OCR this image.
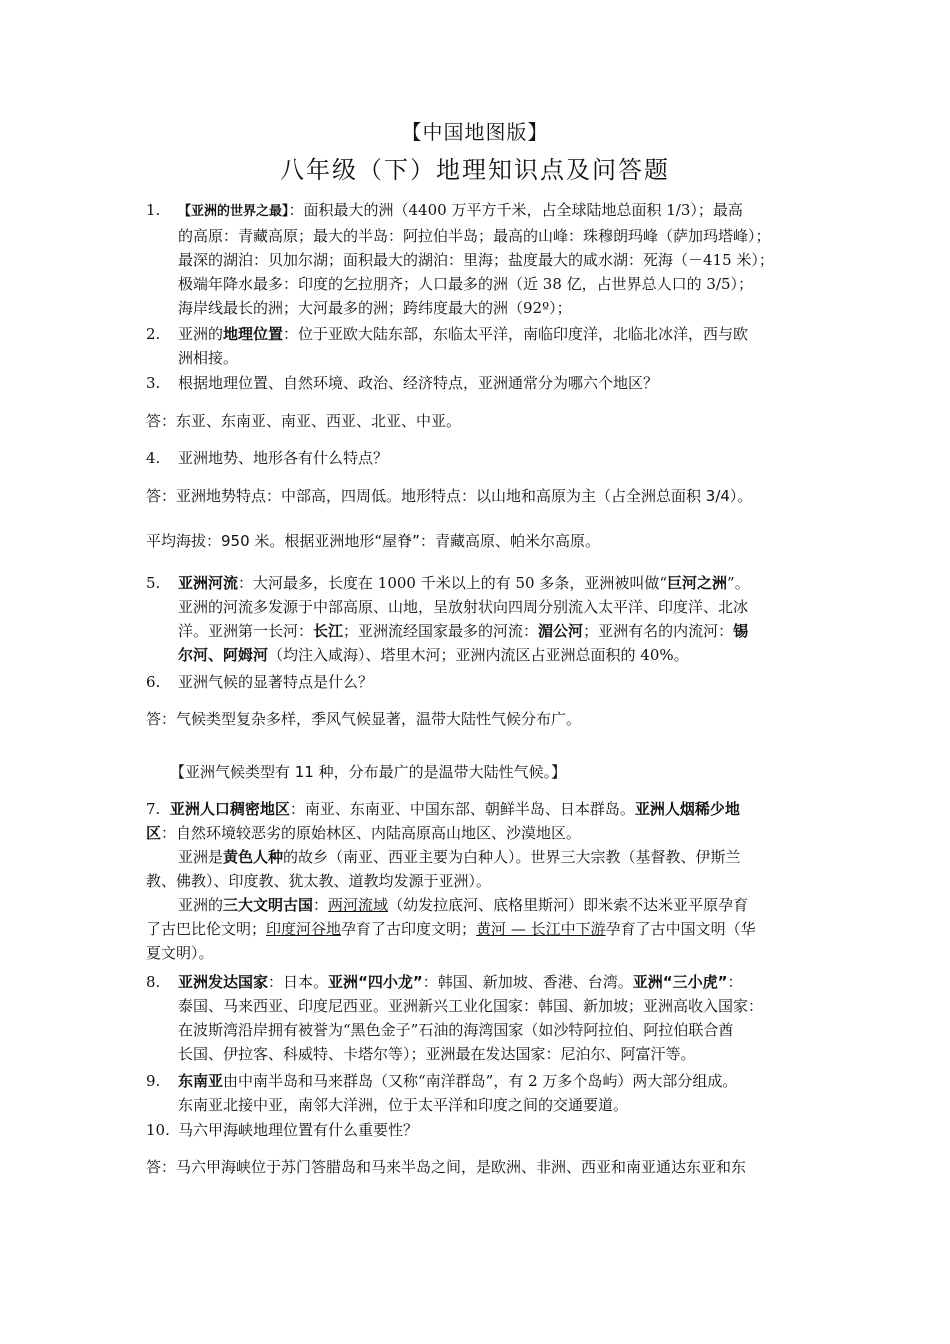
【中国地图版】
八年级（下）地理知识点及问答题
1. 【亚洲的世界之最】：面积最大的洲（4400 万平方千米，占全球陆地总面积 1/3）；最高
的高原：青藏高原；最大的半岛：阿拉伯半岛；最高的山峰：珠穆朗玛峰（萨加玛塔峰）；
最深的湖泊：贝加尔湖；面积最大的湖泊：里海；盐度最大的咸水湖：死海（－415 米）；
极端年降水最多：印度的乞拉朋齐；人口最多的洲（近 38 亿，占世界总人口的 3/5）；
海岸线最长的洲；大河最多的洲；跨纬度最大的洲（92º）；
2. 亚洲的地理位置：位于亚欧大陆东部，东临太平洋，南临印度洋，北临北冰洋，西与欧
洲相接。
3. 根据地理位置、自然环境、政治、经济特点，亚洲通常分为哪六个地区？
答：东亚、东南亚、南亚、西亚、北亚、中亚。
4. 亚洲地势、地形各有什么特点？
答：亚洲地势特点：中部高，四周低。地形特点：以山地和高原为主（占全洲总面积 3/4）。
平均海拔：950 米。根据亚洲地形“屋脊”：青藏高原、帕米尔高原。
5. 亚洲河流：大河最多，长度在 1000 千米以上的有 50 多条，亚洲被叫做“巨河之洲”。
亚洲的河流多发源于中部高原、山地，呈放射状向四周分别流入太平洋、印度洋、北冰
洋。亚洲第一长河：长江；亚洲流经国家最多的河流：湄公河；亚洲有名的内流河：锡
尔河、阿姆河（均注入咸海）、塔里木河；亚洲内流区占亚洲总面积的 40%。
6. 亚洲气候的显著特点是什么？
答：气候类型复杂多样，季风气候显著，温带大陆性气候分布广。
【亚洲气候类型有 11 种，分布最广的是温带大陆性气候。】
7. 亚洲人口稠密地区：南亚、东南亚、中国东部、朝鲜半岛、日本群岛。亚洲人烟稀少地
区：自然环境较恶劣的原始林区、内陆高原高山地区、沙漠地区。
亚洲是黄色人种的故乡（南亚、西亚主要为白种人）。世界三大宗教（基督教、伊斯兰
教、佛教）、印度教、犹太教、道教均发源于亚洲）。
亚洲的三大文明古国：两河流域（幼发拉底河、底格里斯河）即米索不达米亚平原孕育
了古巴比伦文明；印度河谷地孕育了古印度文明；黄河 — 长江中下游孕育了古中国文明（华
夏文明）。
8. 亚洲发达国家：日本。亚洲“四小龙”：韩国、新加坡、香港、台湾。亚洲“三小虎”：
泰国、马来西亚、印度尼西亚。亚洲新兴工业化国家：韩国、新加坡；亚洲高收入国家：
在波斯湾沿岸拥有被誉为“黑色金子”石油的海湾国家（如沙特阿拉伯、阿拉伯联合酋
长国、伊拉客、科威特、卡塔尔等）；亚洲最在发达国家：尼泊尔、阿富汗等。
9. 东南亚由中南半岛和马来群岛（又称“南洋群岛”，有 2 万多个岛屿）两大部分组成。
东南亚北接中亚，南邻大洋洲，位于太平洋和印度之间的交通要道。
10. 马六甲海峡地理位置有什么重要性？
答：马六甲海峡位于苏门答腊岛和马来半岛之间，是欧洲、非洲、西亚和南亚通达东亚和东
